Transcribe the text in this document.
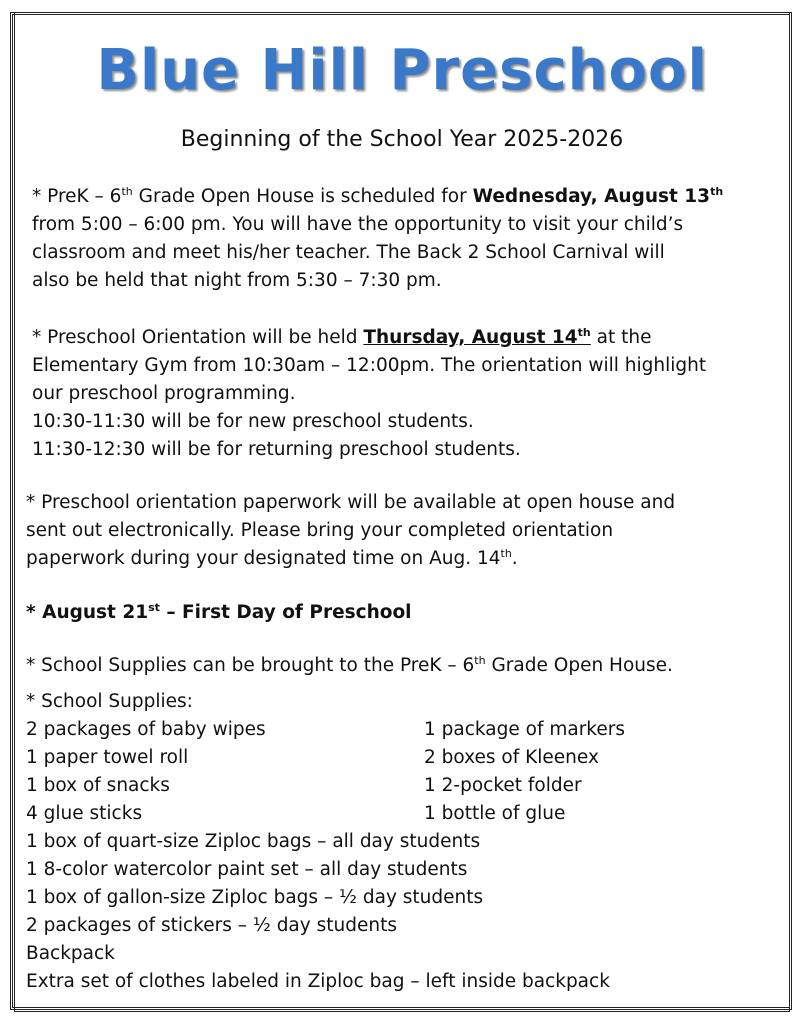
Blue Hill Preschool
Beginning of the School Year 2025-2026
* PreK – 6th Grade Open House is scheduled for Wednesday, August 13th
from 5:00 – 6:00 pm. You will have the opportunity to visit your child’s
classroom and meet his/her teacher. The Back 2 School Carnival will
also be held that night from 5:30 – 7:30 pm.
* Preschool Orientation will be held Thursday, August 14th at the
Elementary Gym from 10:30am – 12:00pm. The orientation will highlight
our preschool programming.
10:30-11:30 will be for new preschool students.
11:30-12:30 will be for returning preschool students.
* Preschool orientation paperwork will be available at open house and
sent out electronically. Please bring your completed orientation
paperwork during your designated time on Aug. 14th.
* August 21st – First Day of Preschool
* School Supplies can be brought to the PreK – 6th Grade Open House.
* School Supplies:
2 packages of baby wipes	1 package of markers
1 paper towel roll	2 boxes of Kleenex
1 box of snacks	1 2-pocket folder
4 glue sticks	1 bottle of glue
1 box of quart-size Ziploc bags – all day students
1 8-color watercolor paint set – all day students
1 box of gallon-size Ziploc bags – ½ day students
2 packages of stickers – ½ day students
Backpack
Extra set of clothes labeled in Ziploc bag – left inside backpack
